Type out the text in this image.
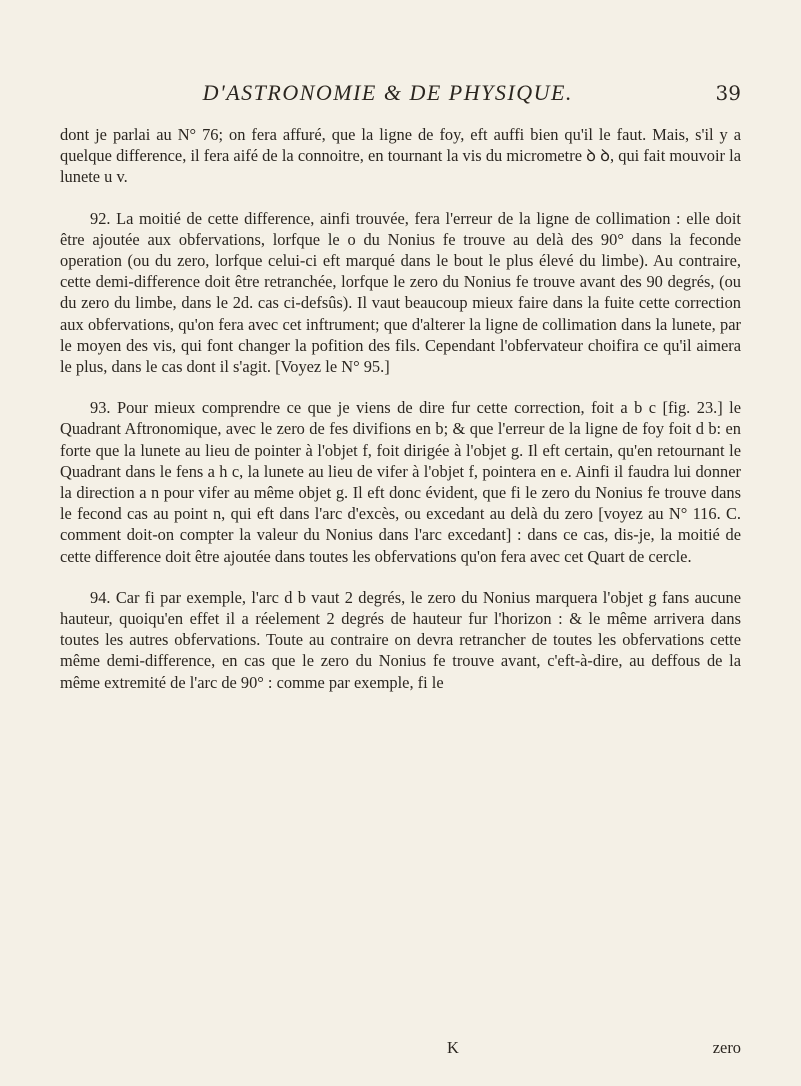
D'ASTRONOMIE & DE PHYSIQUE.	39

dont je parlai au N° 76; on fera affuré, que la ligne de foy, eft auffi bien qu'il le faut. Mais, s'il y a quelque difference, il fera aifé de la connoitre, en tournant la vis du micrometre ꝺ ꝺ, qui fait mouvoir la lunete u v.

92. La moitié de cette difference, ainfi trouvée, fera l'erreur de la ligne de collimation : elle doit être ajoutée aux obfervations, lorfque le o du Nonius fe trouve au delà des 90° dans la feconde operation (ou du zero, lorfque celui-ci eft marqué dans le bout le plus élevé du limbe). Au contraire, cette demi-difference doit être retranchée, lorfque le zero du Nonius fe trouve avant des 90 degrés, (ou du zero du limbe, dans le 2d. cas ci-defsûs). Il vaut beaucoup mieux faire dans la fuite cette correction aux obfervations, qu'on fera avec cet inftrument; que d'alterer la ligne de collimation dans la lunete, par le moyen des vis, qui font changer la pofition des fils. Cependant l'obfervateur choifira ce qu'il aimera le plus, dans le cas dont il s'agit. [Voyez le N° 95.]

93. Pour mieux comprendre ce que je viens de dire fur cette correction, foit a b c [fig. 23.] le Quadrant Aftronomique, avec le zero de fes divifions en b; & que l'erreur de la ligne de foy foit d b: en forte que la lunete au lieu de pointer à l'objet f, foit dirigée à l'objet g. Il eft certain, qu'en retournant le Quadrant dans le fens a h c, la lunete au lieu de vifer à l'objet f, pointera en e. Ainfi il faudra lui donner la direction a n pour vifer au même objet g. Il eft donc évident, que fi le zero du Nonius fe trouve dans le fecond cas au point n, qui eft dans l'arc d'excès, ou excedant au delà du zero [voyez au N° 116. C. comment doit-on compter la valeur du Nonius dans l'arc excedant] : dans ce cas, dis-je, la moitié de cette difference doit être ajoutée dans toutes les obfervations qu'on fera avec cet Quart de cercle.

94. Car fi par exemple, l'arc d b vaut 2 degrés, le zero du Nonius marquera l'objet g fans aucune hauteur, quoiqu'en effet il a réelement 2 degrés de hauteur fur l'horizon : & le même arrivera dans toutes les autres obfervations. Toute au contraire on devra retrancher de toutes les obfervations cette même demi-difference, en cas que le zero du Nonius fe trouve avant, c'eft-à-dire, au deffous de la même extremité de l'arc de 90° : comme par exemple, fi le

K	zero
